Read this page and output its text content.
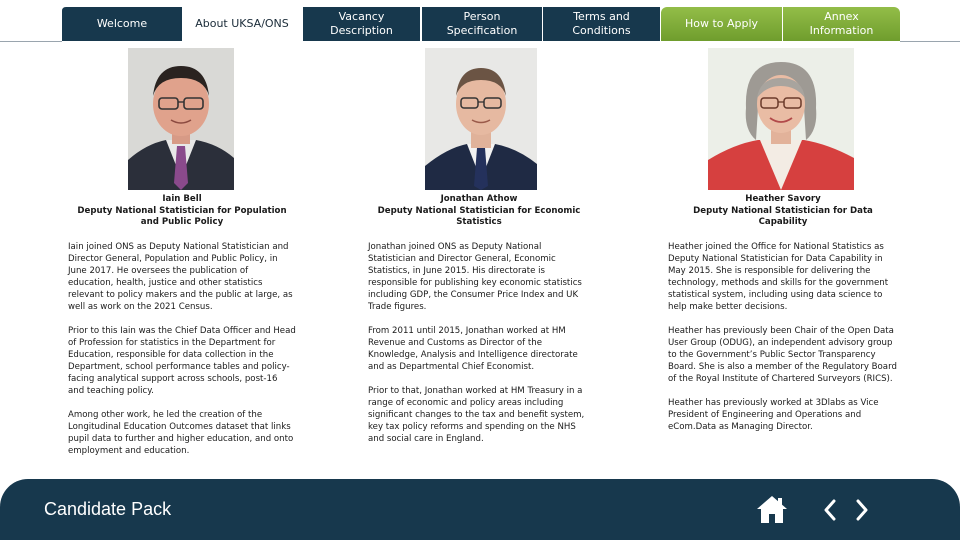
Welcome	About UKSA/ONS
Vacancy Description
Person Specification
Terms and Conditions
How to Apply
Annex Information

Iain Bell

Deputy National Statistician for Population and Public Policy

Iain joined ONS as Deputy National Statistician and Director General, Population and Public Policy, in June 2017. He oversees the publication of education, health, justice and other statistics relevant to policy makers and the public at large, as well as work on the 2021 Census.

Prior to this Iain was the Chief Data Officer and Head of Profession for statistics in the Department for Education, responsible for data collection in the Department, school performance tables and policy-facing analytical support across schools, post-16 and teaching policy.

Among other work, he led the creation of the Longitudinal Education Outcomes dataset that links pupil data to further and higher education, and onto employment and education.

Jonathan Athow

Deputy National Statistician for Economic Statistics

Jonathan joined ONS as Deputy National Statistician and Director General, Economic Statistics, in June 2015. His directorate is responsible for publishing key economic statistics including GDP, the Consumer Price Index and UK Trade figures.

From 2011 until 2015, Jonathan worked at HM Revenue and Customs as Director of the Knowledge, Analysis and Intelligence directorate and as Departmental Chief Economist.

Prior to that, Jonathan worked at HM Treasury in a range of economic and policy areas including significant changes to the tax and benefit system, key tax policy reforms and spending on the NHS and social care in England.

Heather Savory

Deputy National Statistician for Data Capability

Heather joined the Office for National Statistics as Deputy National Statistician for Data Capability in May 2015. She is responsible for delivering the technology, methods and skills for the government statistical system, including using data science to help make better decisions.

Heather has previously been Chair of the Open Data User Group (ODUG), an independent advisory group to the Government’s Public Sector Transparency Board. She is also a member of the Regulatory Board of the Royal Institute of Chartered Surveyors (RICS).

Heather has previously worked at 3Dlabs as Vice President of Engineering and Operations and eCom.Data as Managing Director.

Candidate Pack
